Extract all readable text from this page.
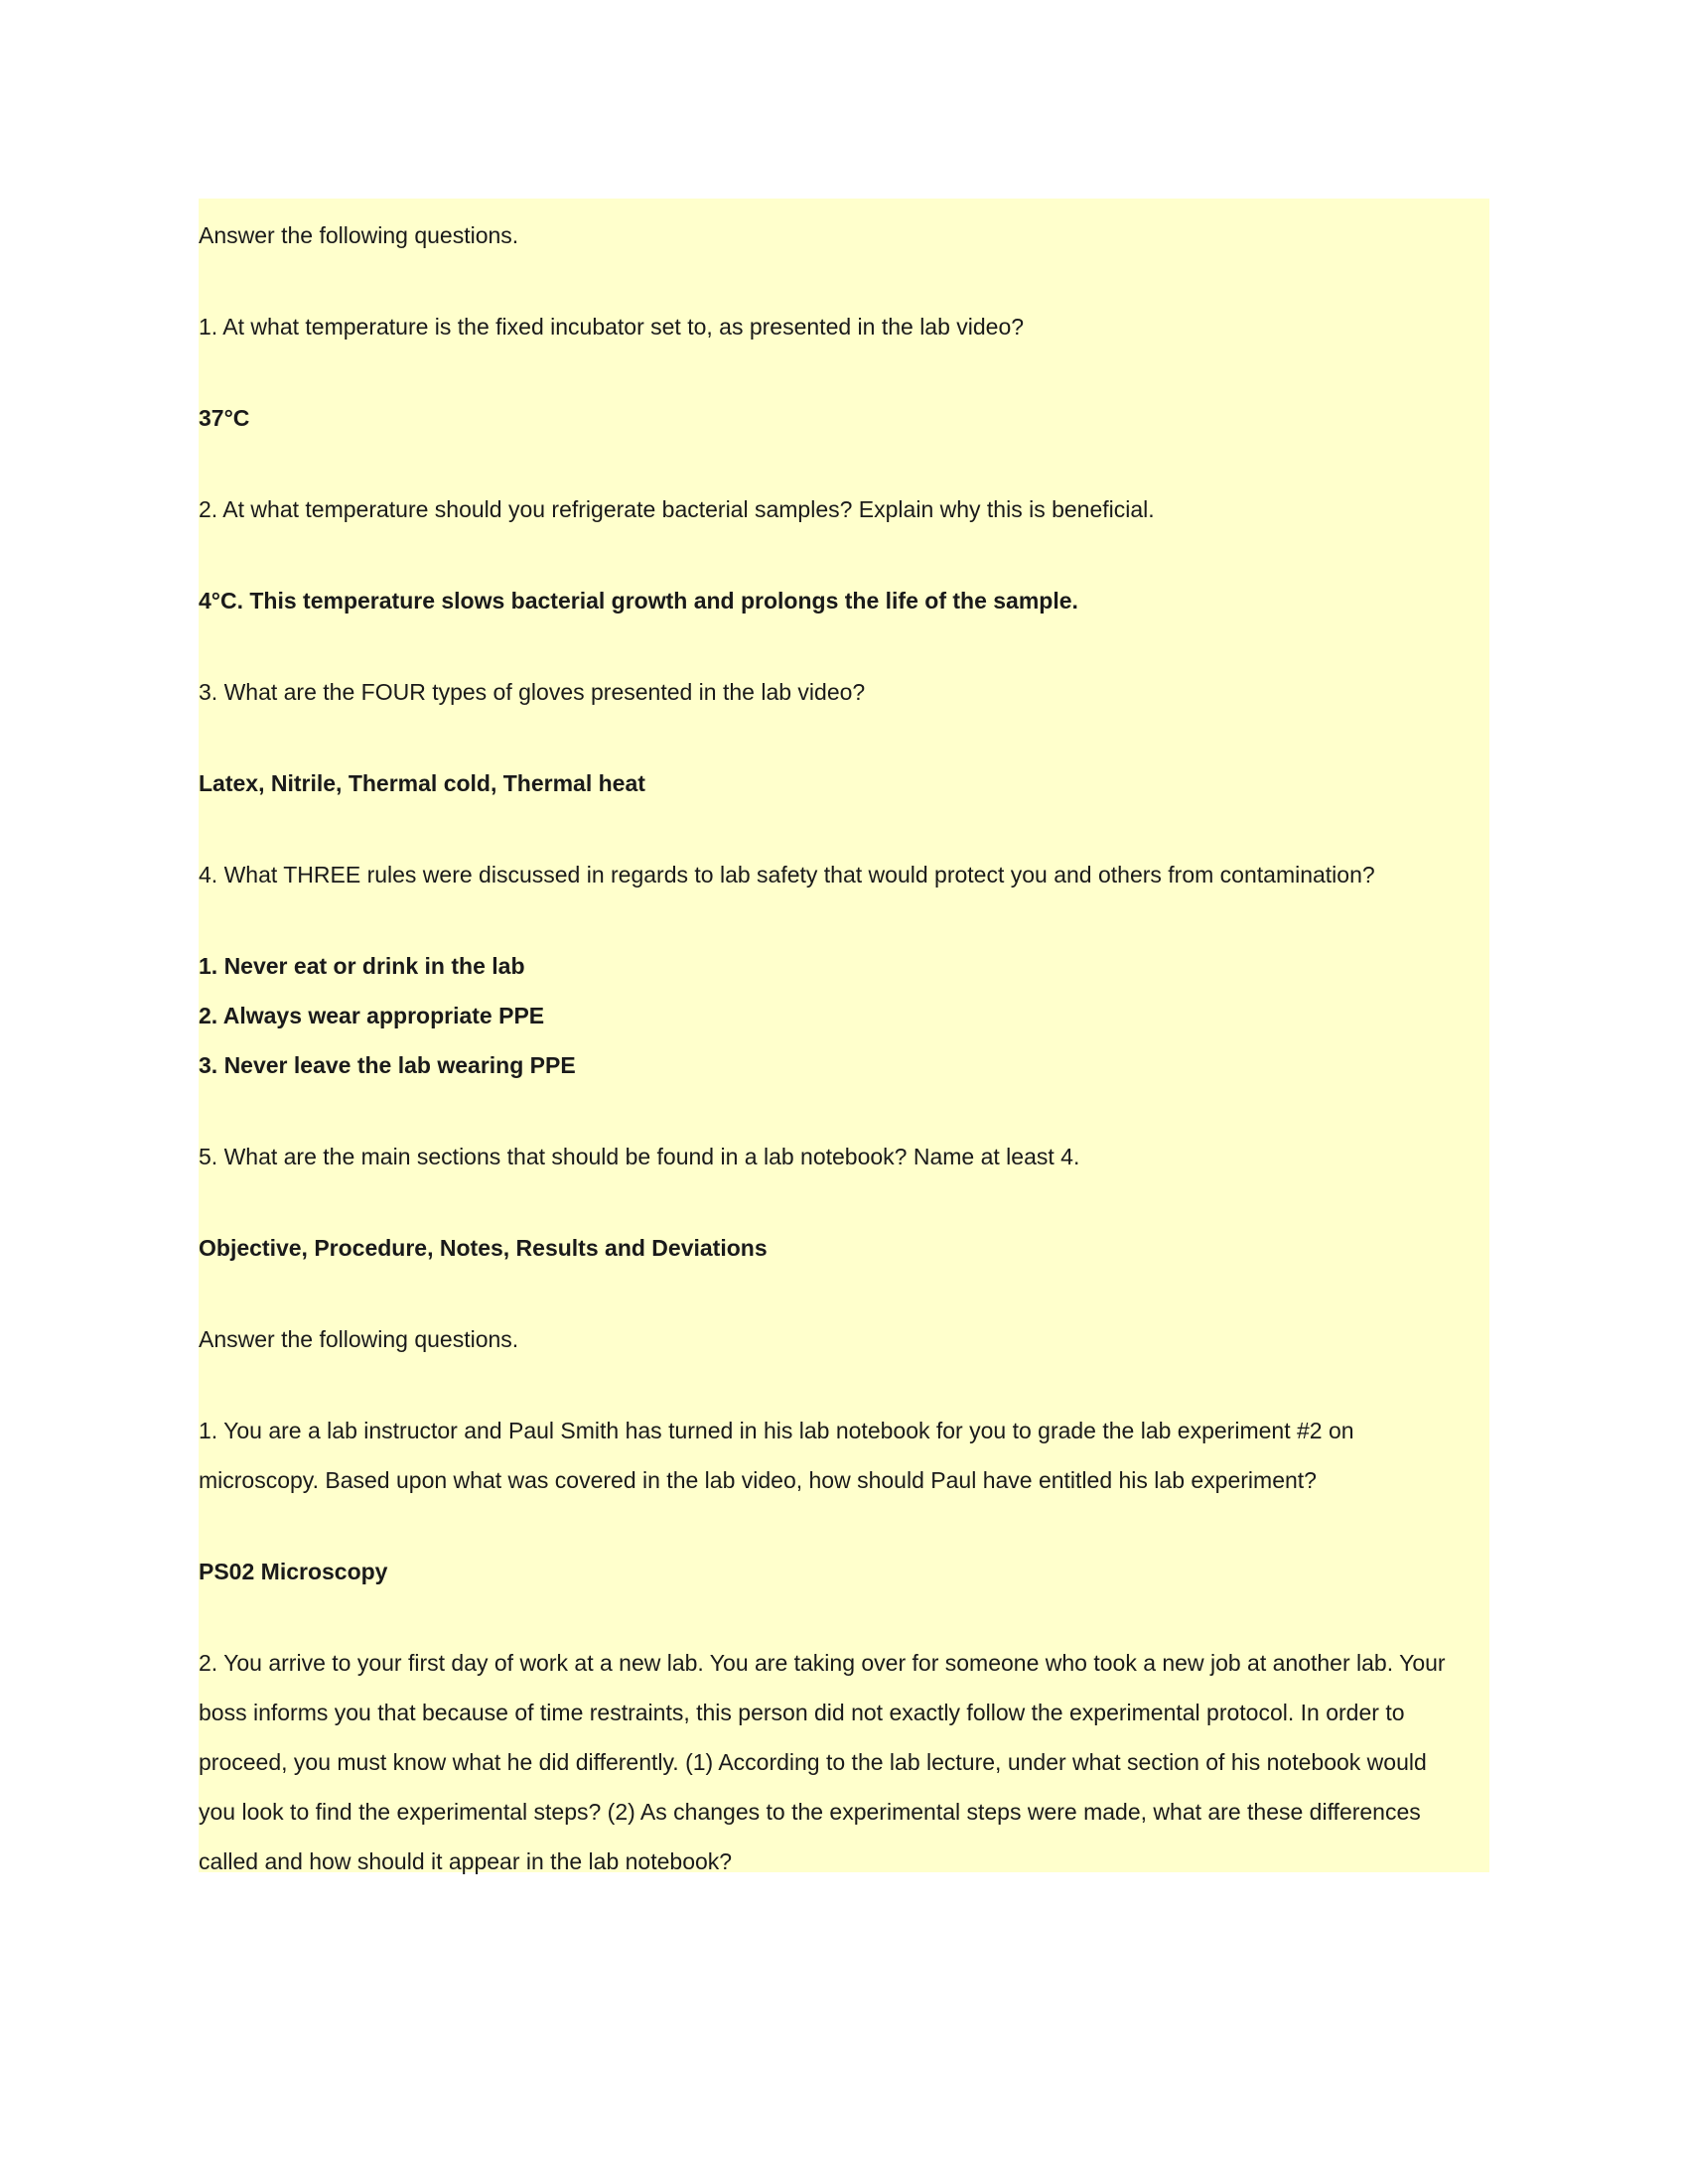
Answer the following questions.
1. At what temperature is the fixed incubator set to, as presented in the lab video?
37°C
2. At what temperature should you refrigerate bacterial samples? Explain why this is beneficial.
4°C. This temperature slows bacterial growth and prolongs the life of the sample.
3. What are the FOUR types of gloves presented in the lab video?
Latex, Nitrile, Thermal cold, Thermal heat
4. What THREE rules were discussed in regards to lab safety that would protect you and others from contamination?
1. Never eat or drink in the lab
2. Always wear appropriate PPE
3. Never leave the lab wearing PPE
5. What are the main sections that should be found in a lab notebook? Name at least 4.
Objective, Procedure, Notes, Results and Deviations
Answer the following questions.
1. You are a lab instructor and Paul Smith has turned in his lab notebook for you to grade the lab experiment #2 on
microscopy. Based upon what was covered in the lab video, how should Paul have entitled his lab experiment?
PS02 Microscopy
2. You arrive to your first day of work at a new lab. You are taking over for someone who took a new job at another lab. Your
boss informs you that because of time restraints, this person did not exactly follow the experimental protocol. In order to
proceed, you must know what he did differently. (1) According to the lab lecture, under what section of his notebook would
you look to find the experimental steps? (2) As changes to the experimental steps were made, what are these differences
called and how should it appear in the lab notebook?
